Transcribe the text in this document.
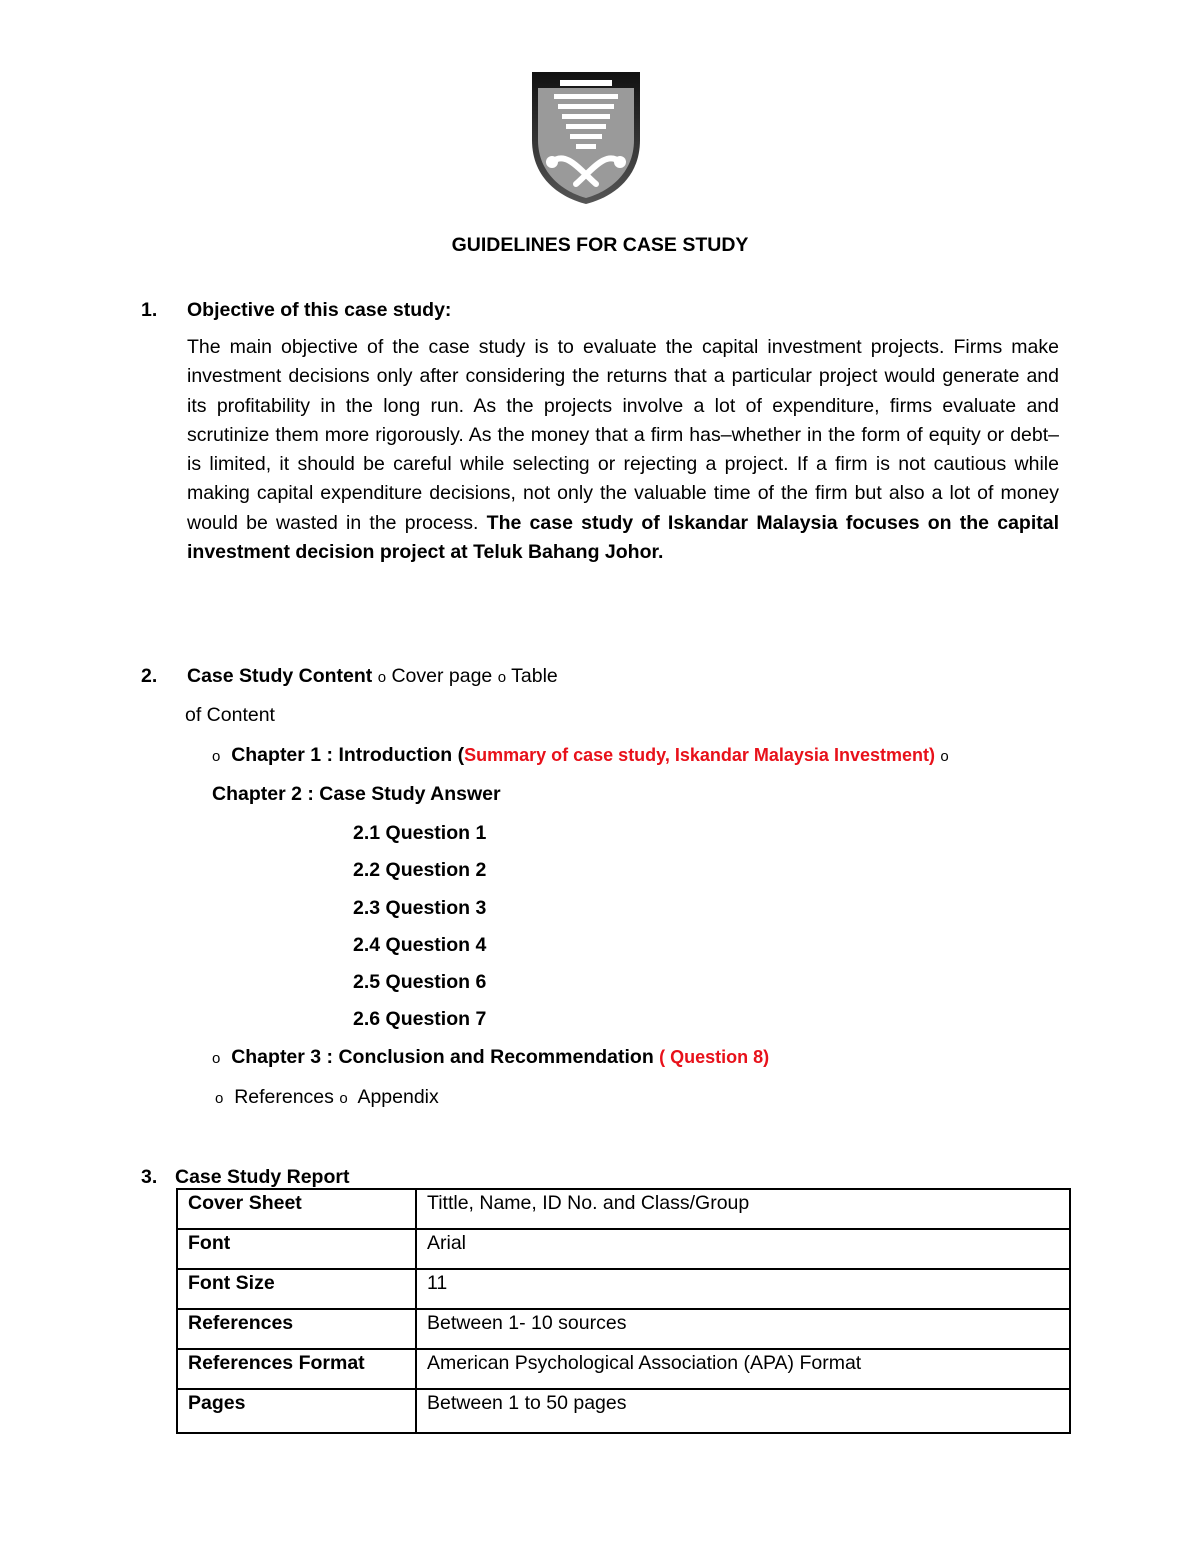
GUIDELINES FOR CASE STUDY
1. Objective of this case study:
The main objective of the case study is to evaluate the capital investment projects. Firms make investment decisions only after considering the returns that a particular project would generate and its profitability in the long run. As the projects involve a lot of expenditure, firms evaluate and scrutinize them more rigorously. As the money that a firm has–whether in the form of equity or debt–is limited, it should be careful while selecting or rejecting a project. If a firm is not cautious while making capital expenditure decisions, not only the valuable time of the firm but also a lot of money would be wasted in the process. The case study of Iskandar Malaysia focuses on the capital investment decision project at Teluk Bahang Johor.
2. Case Study Content o Cover page o Table
of Content
o Chapter 1 : Introduction (Summary of case study, Iskandar Malaysia Investment) o
Chapter 2 : Case Study Answer
2.1 Question 1
2.2 Question 2
2.3 Question 3
2.4 Question 4
2.5 Question 6
2.6 Question 7
o Chapter 3 : Conclusion and Recommendation ( Question 8)
o References o Appendix
3. Case Study Report
Cover Sheet	Tittle, Name, ID No. and Class/Group
Font	Arial
Font Size	11
References	Between 1- 10 sources
References Format	American Psychological Association (APA) Format
Pages	Between 1 to 50 pages
